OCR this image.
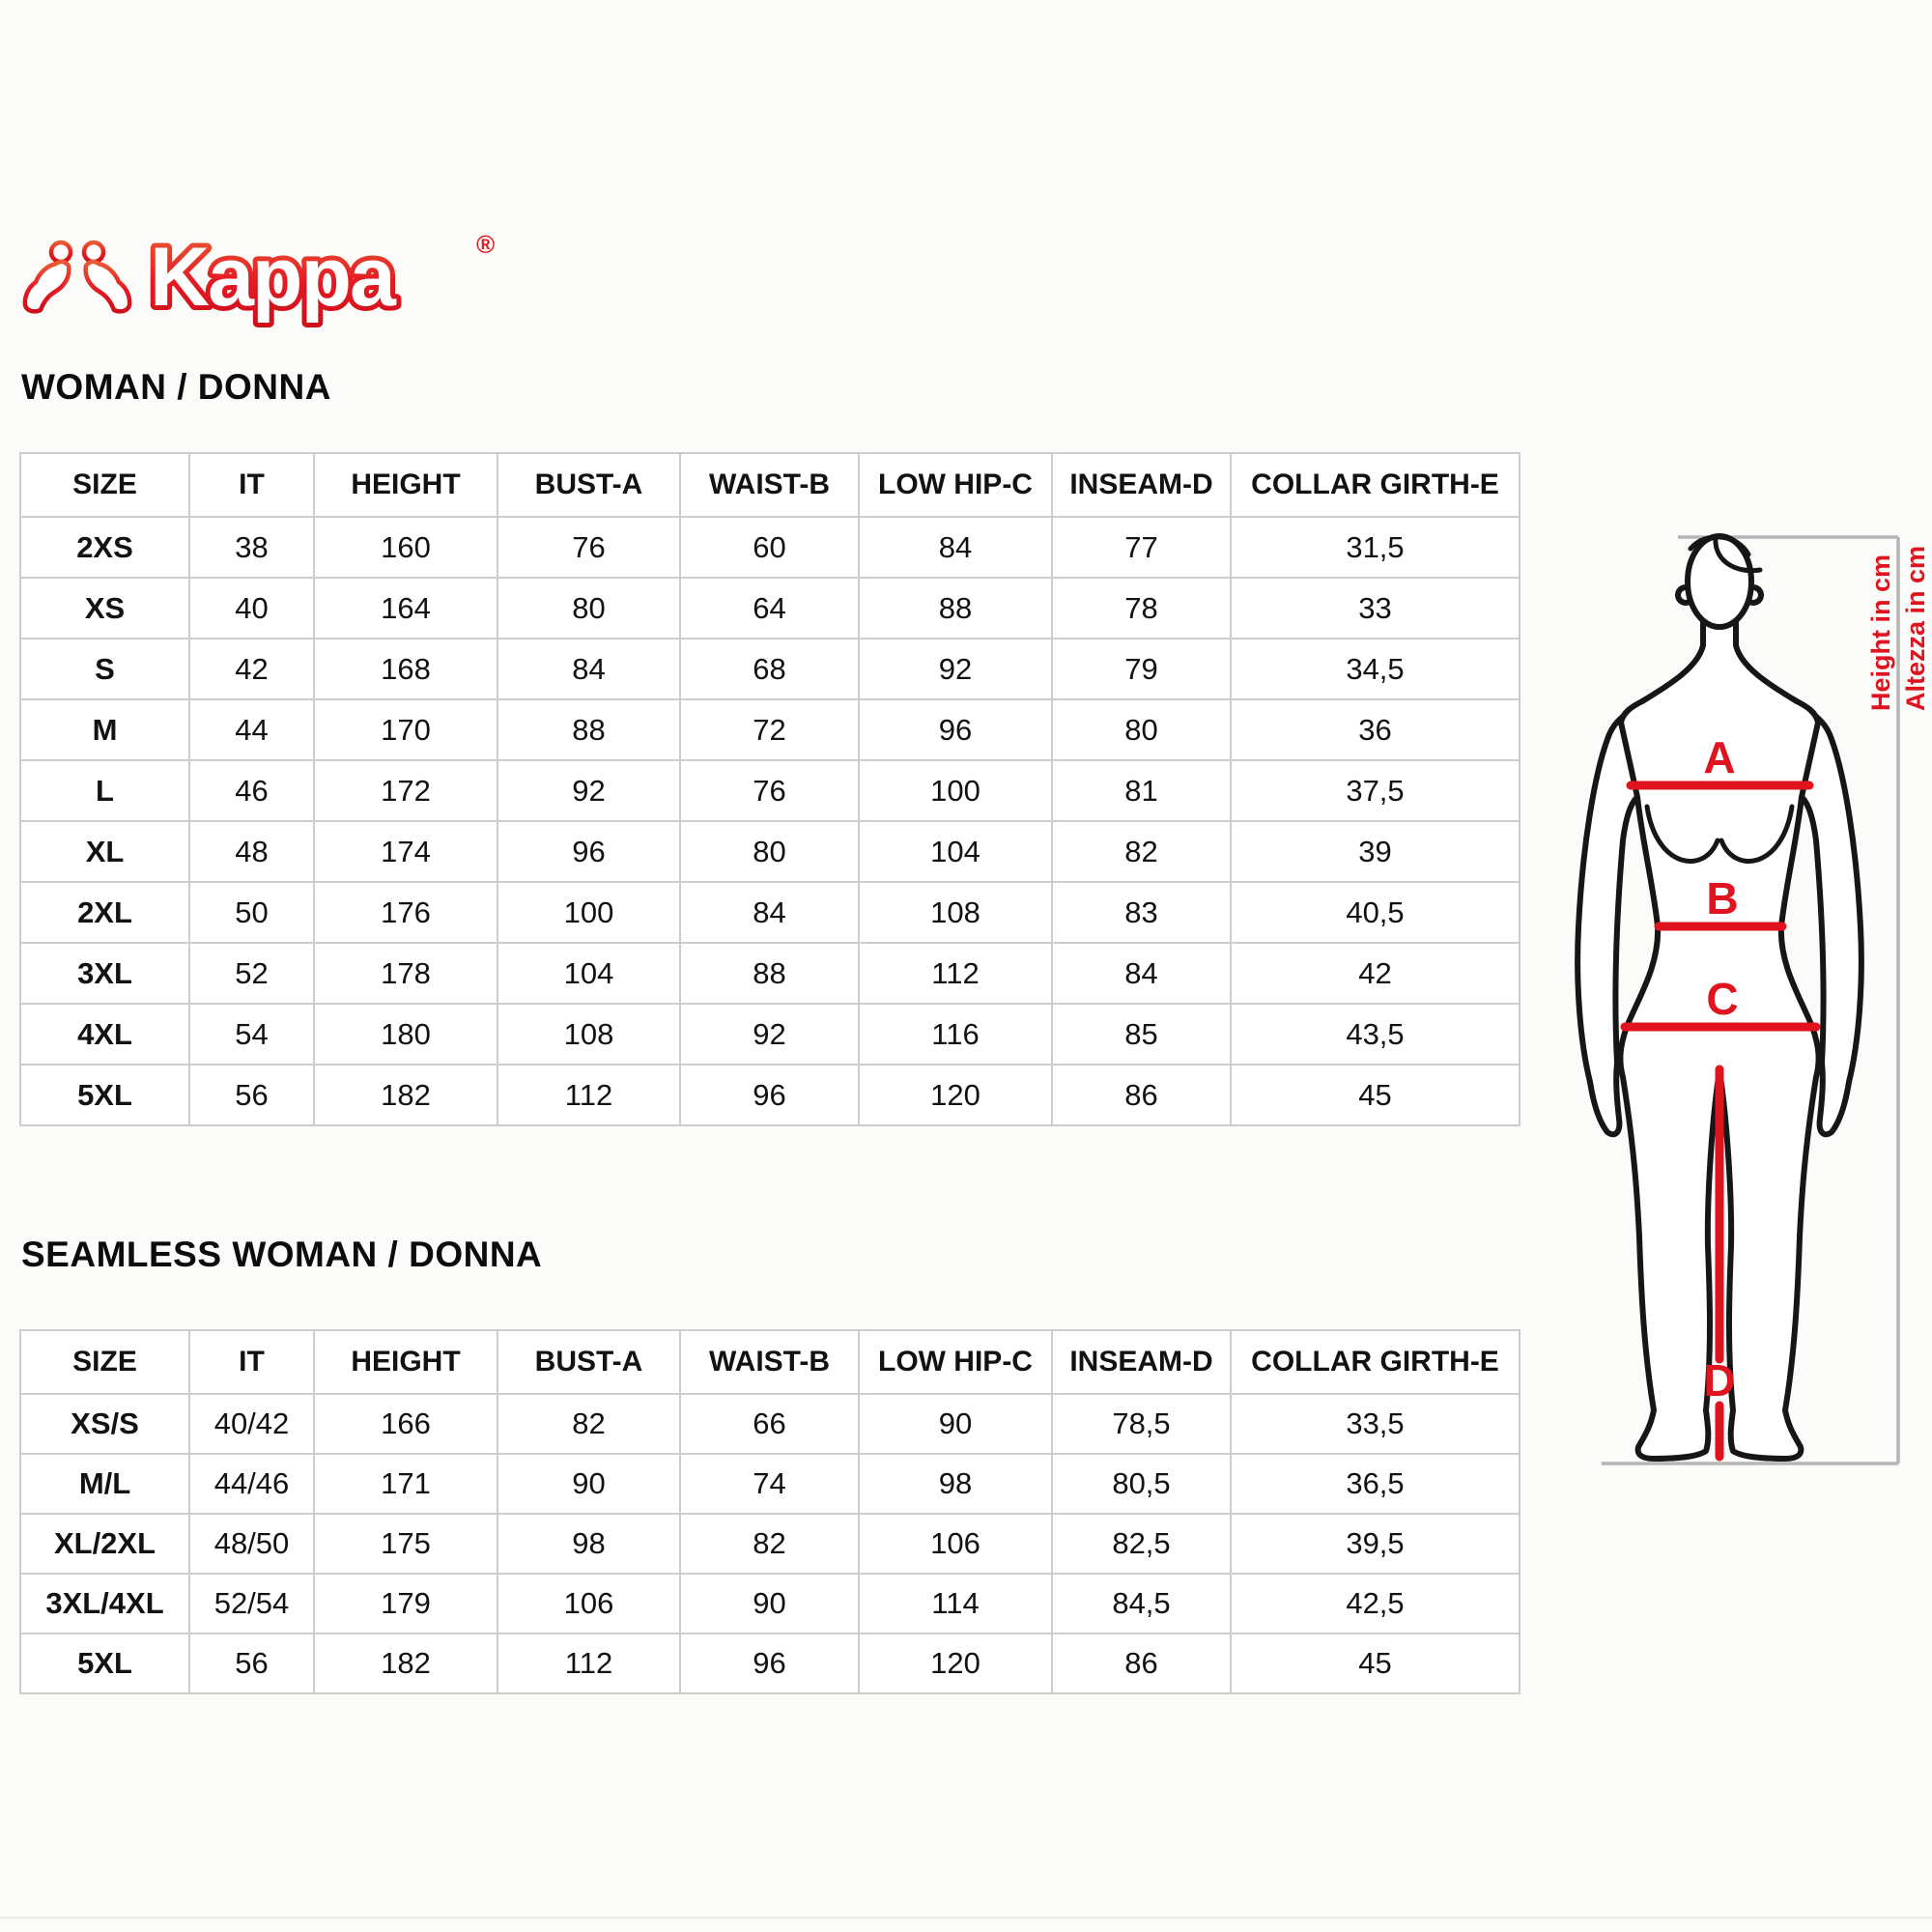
Kappa	®
WOMAN / DONNA
SIZE	IT	HEIGHT	BUST-A	WAIST-B	LOW HIP-C	INSEAM-D	COLLAR GIRTH-E
2XS	38	160	76	60	84	77	31,5
XS	40	164	80	64	88	78	33
S	42	168	84	68	92	79	34,5
M	44	170	88	72	96	80	36
L	46	172	92	76	100	81	37,5
XL	48	174	96	80	104	82	39
2XL	50	176	100	84	108	83	40,5
3XL	52	178	104	88	112	84	42
4XL	54	180	108	92	116	85	43,5
5XL	56	182	112	96	120	86	45
SEAMLESS WOMAN / DONNA
SIZE	IT	HEIGHT	BUST-A	WAIST-B	LOW HIP-C	INSEAM-D	COLLAR GIRTH-E
XS/S	40/42	166	82	66	90	78,5	33,5
M/L	44/46	171	90	74	98	80,5	36,5
XL/2XL	48/50	175	98	82	106	82,5	39,5
3XL/4XL	52/54	179	106	90	114	84,5	42,5
5XL	56	182	112	96	120	86	45
A
B
C
D
Height in cm Altezza in cm
